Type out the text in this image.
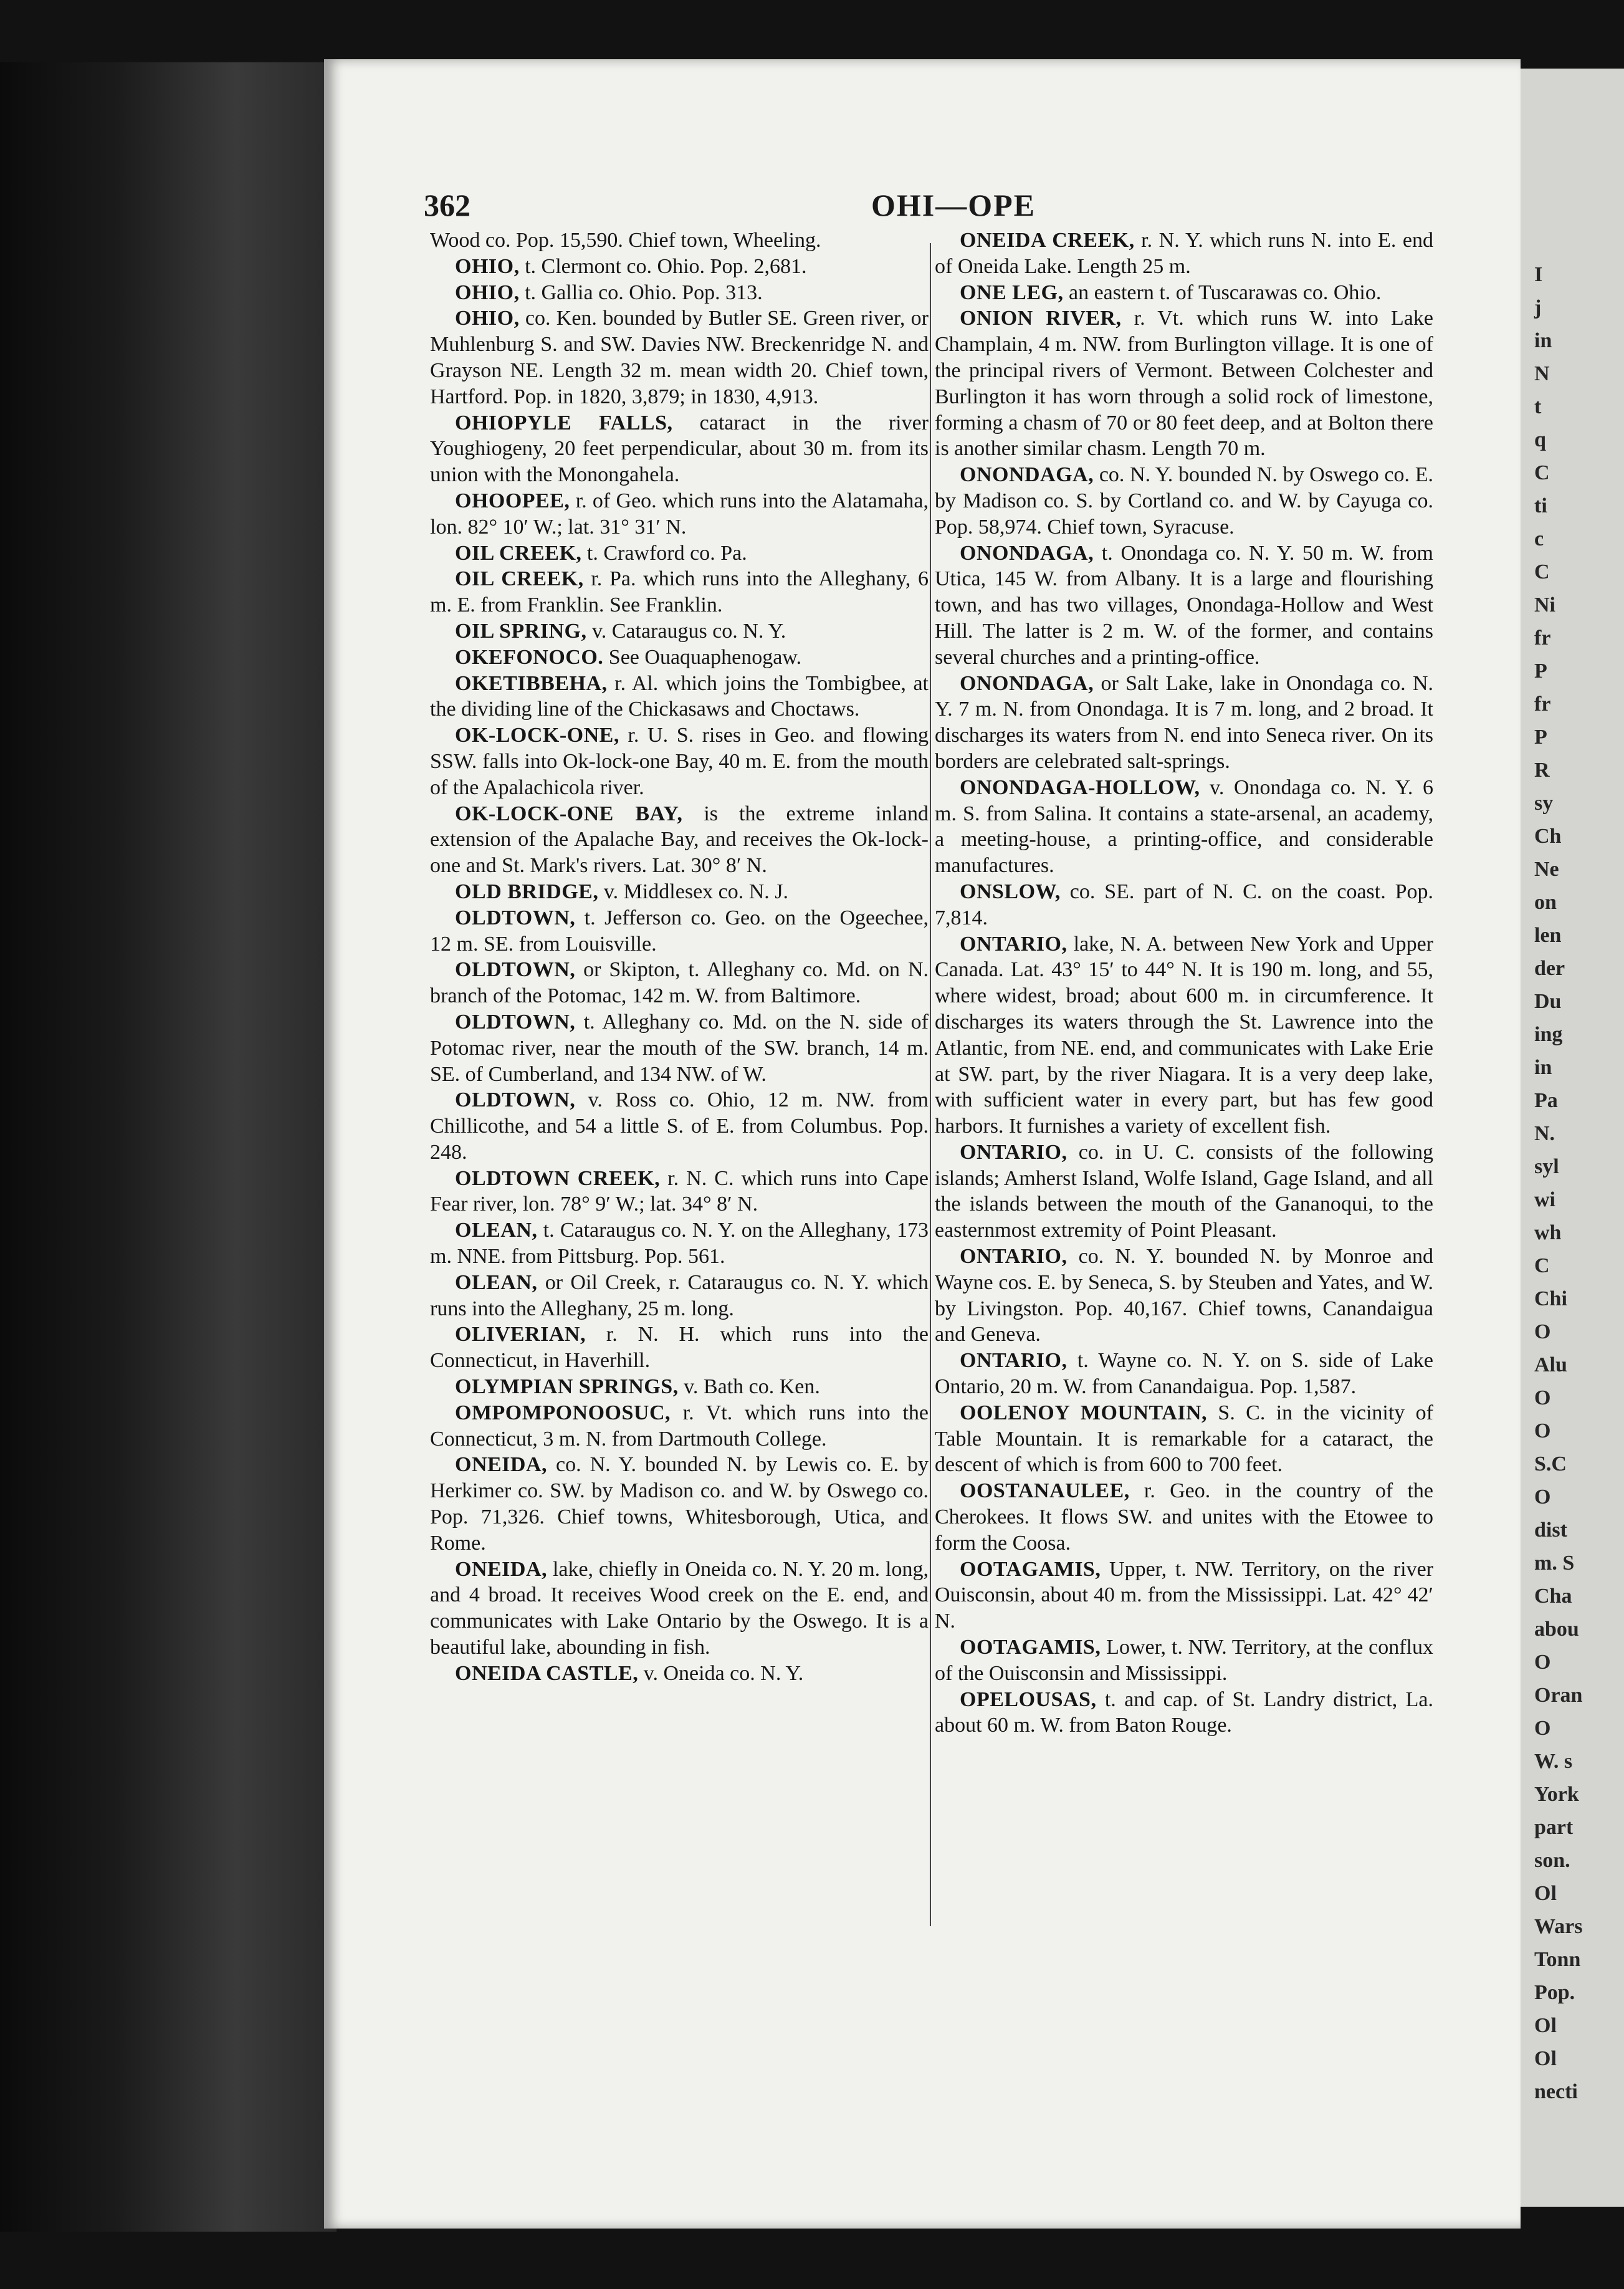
362	OHI—OPE

Wood co. Pop. 15,590. Chief town, Wheeling.

OHIO, t. Clermont co. Ohio. Pop. 2,681.

OHIO, t. Gallia co. Ohio. Pop. 313.

OHIO, co. Ken. bounded by Butler SE. Green river, or Muhlenburg S. and SW. Davies NW. Breckenridge N. and Grayson NE. Length 32 m. mean width 20. Chief town, Hartford. Pop. in 1820, 3,879; in 1830, 4,913.

OHIOPYLE FALLS, cataract in the river Youghiogeny, 20 feet perpendicular, about 30 m. from its union with the Monongahela.

OHOOPEE, r. of Geo. which runs into the Alatamaha, lon. 82° 10′ W.; lat. 31° 31′ N.

OIL CREEK, t. Crawford co. Pa.

OIL CREEK, r. Pa. which runs into the Alleghany, 6 m. E. from Franklin. See Franklin.

OIL SPRING, v. Cataraugus co. N. Y.

OKEFONOCO. See Ouaquaphenogaw.

OKETIBBEHA, r. Al. which joins the Tombigbee, at the dividing line of the Chickasaws and Choctaws.

OK-LOCK-ONE, r. U. S. rises in Geo. and flowing SSW. falls into Ok-lock-one Bay, 40 m. E. from the mouth of the Apalachicola river.

OK-LOCK-ONE BAY, is the extreme inland extension of the Apalache Bay, and receives the Ok-lock-one and St. Mark's rivers. Lat. 30° 8′ N.

OLD BRIDGE, v. Middlesex co. N. J.

OLDTOWN, t. Jefferson co. Geo. on the Ogeechee, 12 m. SE. from Louisville.

OLDTOWN, or Skipton, t. Alleghany co. Md. on N. branch of the Potomac, 142 m. W. from Baltimore.

OLDTOWN, t. Alleghany co. Md. on the N. side of Potomac river, near the mouth of the SW. branch, 14 m. SE. of Cumberland, and 134 NW. of W.

OLDTOWN, v. Ross co. Ohio, 12 m. NW. from Chillicothe, and 54 a little S. of E. from Columbus. Pop. 248.

OLDTOWN CREEK, r. N. C. which runs into Cape Fear river, lon. 78° 9′ W.; lat. 34° 8′ N.

OLEAN, t. Cataraugus co. N. Y. on the Alleghany, 173 m. NNE. from Pittsburg. Pop. 561.

OLEAN, or Oil Creek, r. Cataraugus co. N. Y. which runs into the Alleghany, 25 m. long.

OLIVERIAN, r. N. H. which runs into the Connecticut, in Haverhill.

OLYMPIAN SPRINGS, v. Bath co. Ken.

OMPOMPONOOSUC, r. Vt. which runs into the Connecticut, 3 m. N. from Dartmouth College.

ONEIDA, co. N. Y. bounded N. by Lewis co. E. by Herkimer co. SW. by Madison co. and W. by Oswego co. Pop. 71,326. Chief towns, Whitesborough, Utica, and Rome.

ONEIDA, lake, chiefly in Oneida co. N. Y. 20 m. long, and 4 broad. It receives Wood creek on the E. end, and communicates with Lake Ontario by the Oswego. It is a beautiful lake, abounding in fish.

ONEIDA CASTLE, v. Oneida co. N. Y.

ONEIDA CREEK, r. N. Y. which runs N. into E. end of Oneida Lake. Length 25 m.

ONE LEG, an eastern t. of Tuscarawas co. Ohio.

ONION RIVER, r. Vt. which runs W. into Lake Champlain, 4 m. NW. from Burlington village. It is one of the principal rivers of Vermont. Between Colchester and Burlington it has worn through a solid rock of limestone, forming a chasm of 70 or 80 feet deep, and at Bolton there is another similar chasm. Length 70 m.

ONONDAGA, co. N. Y. bounded N. by Oswego co. E. by Madison co. S. by Cortland co. and W. by Cayuga co. Pop. 58,974. Chief town, Syracuse.

ONONDAGA, t. Onondaga co. N. Y. 50 m. W. from Utica, 145 W. from Albany. It is a large and flourishing town, and has two villages, Onondaga-Hollow and West Hill. The latter is 2 m. W. of the former, and contains several churches and a printing-office.

ONONDAGA, or Salt Lake, lake in Onondaga co. N. Y. 7 m. N. from Onondaga. It is 7 m. long, and 2 broad. It discharges its waters from N. end into Seneca river. On its borders are celebrated salt-springs.

ONONDAGA-HOLLOW, v. Onondaga co. N. Y. 6 m. S. from Salina. It contains a state-arsenal, an academy, a meeting-house, a printing-office, and considerable manufactures.

ONSLOW, co. SE. part of N. C. on the coast. Pop. 7,814.

ONTARIO, lake, N. A. between New York and Upper Canada. Lat. 43° 15′ to 44° N. It is 190 m. long, and 55, where widest, broad; about 600 m. in circumference. It discharges its waters through the St. Lawrence into the Atlantic, from NE. end, and communicates with Lake Erie at SW. part, by the river Niagara. It is a very deep lake, with sufficient water in every part, but has few good harbors. It furnishes a variety of excellent fish.

ONTARIO, co. in U. C. consists of the following islands; Amherst Island, Wolfe Island, Gage Island, and all the islands between the mouth of the Gananoqui, to the easternmost extremity of Point Pleasant.

ONTARIO, co. N. Y. bounded N. by Monroe and Wayne cos. E. by Seneca, S. by Steuben and Yates, and W. by Livingston. Pop. 40,167. Chief towns, Canandaigua and Geneva.

ONTARIO, t. Wayne co. N. Y. on S. side of Lake Ontario, 20 m. W. from Canandaigua. Pop. 1,587.

OOLENOY MOUNTAIN, S. C. in the vicinity of Table Mountain. It is remarkable for a cataract, the descent of which is from 600 to 700 feet.

OOSTANAULEE, r. Geo. in the country of the Cherokees. It flows SW. and unites with the Etowee to form the Coosa.

OOTAGAMIS, Upper, t. NW. Territory, on the river Ouisconsin, about 40 m. from the Mississippi. Lat. 42° 42′ N.

OOTAGAMIS, Lower, t. NW. Territory, at the conflux of the Ouisconsin and Mississippi.

OPELOUSAS, t. and cap. of St. Landry district, La. about 60 m. W. from Baton Rouge.

I
j
in
N
t
q
C
ti
c
C
Ni
fr
P
fr
P
R
sy
Ch
Ne
on
len
der
Du
ing
in
Pa
N.
syl
wi
wh
C
Chi
O
Alu
O
O
S.C
O
dist
m. S
Cha
abou
O
Oran
O
W. s
York
part
son.
Ol
Wars
Tonn
Pop.
Ol
Ol
necti
